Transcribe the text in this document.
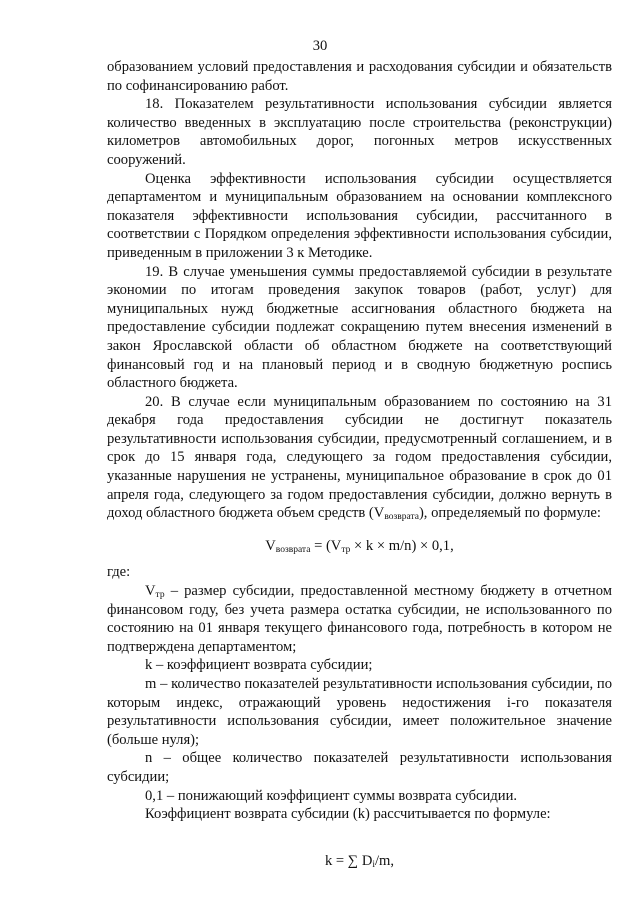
30

образованием условий предоставления и расходования субсидии и обязательств по софинансированию работ.

18. Показателем результативности использования субсидии является количество введенных в эксплуатацию после строительства (реконструкции) километров автомобильных дорог, погонных метров искусственных сооружений.

Оценка эффективности использования субсидии осуществляется департаментом и муниципальным образованием на основании комплексного показателя эффективности использования субсидии, рассчитанного в соответствии с Порядком определения эффективности использования субсидии, приведенным в приложении 3 к Методике.

19. В случае уменьшения суммы предоставляемой субсидии в результате экономии по итогам проведения закупок товаров (работ, услуг) для муниципальных нужд бюджетные ассигнования областного бюджета на предоставление субсидии подлежат сокращению путем внесения изменений в закон Ярославской области об областном бюджете на соответствующий финансовый год и на плановый период и в сводную бюджетную роспись областного бюджета.

20. В случае если муниципальным образованием по состоянию на 31 декабря года предоставления субсидии не достигнут показатель результативности использования субсидии, предусмотренный соглашением, и в срок до 15 января года, следующего за годом предоставления субсидии, указанные нарушения не устранены, муниципальное образование в срок до 01 апреля года, следующего за годом предоставления субсидии, должно вернуть в доход областного бюджета объем средств $(V_{возврата})$, определяемый по формуле:

$V_{возврата} = (V_{тр} \times k \times m/n) \times 0,1$,

где:

$V_{тр}$ – размер субсидии, предоставленной местному бюджету в отчетном финансовом году, без учета размера остатка субсидии, не использованного по состоянию на 01 января текущего финансового года, потребность в котором не подтверждена департаментом;

k – коэффициент возврата субсидии;

m – количество показателей результативности использования субсидии, по которым индекс, отражающий уровень недостижения i-го показателя результативности использования субсидии, имеет положительное значение (больше нуля);

n – общее количество показателей результативности использования субсидии;

0,1 – понижающий коэффициент суммы возврата субсидии.

Коэффициент возврата субсидии (k) рассчитывается по формуле:

k = ∑ $D_i/m$,
